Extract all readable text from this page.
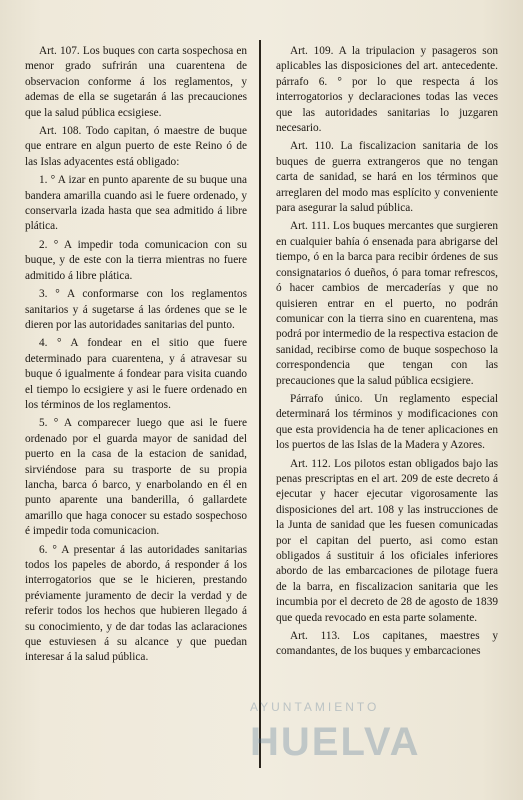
Art. 107. Los buques con carta sospechosa en menor grado sufrirán una cuarentena de observacion conforme á los reglamentos, y ademas de ella se sugetarán á las precauciones que la salud pública ecsigiese.

Art. 108. Todo capitan, ó maestre de buque que entrare en algun puerto de este Reino ó de las Islas adyacentes está obligado:

1. ° A izar en punto aparente de su buque una bandera amarilla cuando asi le fuere ordenado, y conservarla izada hasta que sea admitido á libre plática.

2. ° A impedir toda comunicacion con su buque, y de este con la tierra mientras no fuere admitido á libre plática.

3. ° A conformarse con los reglamentos sanitarios y á sugetarse á las órdenes que se le dieren por las autoridades sanitarias del punto.

4. ° A fondear en el sitio que fuere determinado para cuarentena, y á atravesar su buque ó igualmente á fondear para visita cuando el tiempo lo ecsigiere y asi le fuere ordenado en los términos de los reglamentos.

5. ° A comparecer luego que asi le fuere ordenado por el guarda mayor de sanidad del puerto en la casa de la estacion de sanidad, sirviéndose para su trasporte de su propia lancha, barca ó barco, y enarbolando en él en punto aparente una banderilla, ó gallardete amarillo que haga conocer su estado sospechoso é impedir toda comunicacion.

6. ° A presentar á las autoridades sanitarias todos los papeles de abordo, á responder á los interrogatorios que se le hicieren, prestando préviamente juramento de decir la verdad y de referir todos los hechos que hubieren llegado á su conocimiento, y de dar todas las aclaraciones que estuviesen á su alcance y que puedan interesar á la salud pública.

Art. 109. A la tripulacion y pasageros son aplicables las disposiciones del art. antecedente. párrafo 6. ° por lo que respecta á los interrogatorios y declaraciones todas las veces que las autoridades sanitarias lo juzgaren necesario.

Art. 110. La fiscalizacion sanitaria de los buques de guerra extrangeros que no tengan carta de sanidad, se hará en los términos que arreglaren del modo mas esplícito y conveniente para asegurar la salud pública.

Art. 111. Los buques mercantes que surgieren en cualquier bahía ó ensenada para abrigarse del tiempo, ó en la barca para recibir órdenes de sus consignatarios ó dueños, ó para tomar refrescos, ó hacer cambios de mercaderías y que no quisieren entrar en el puerto, no podrán comunicar con la tierra sino en cuarentena, mas podrá por intermedio de la respectiva estacion de sanidad, recibirse como de buque sospechoso la correspondencia que tengan con las precauciones que la salud pública ecsigiere.

Párrafo único. Un reglamento especial determinará los términos y modificaciones con que esta providencia ha de tener aplicaciones en los puertos de las Islas de la Madera y Azores.

Art. 112. Los pilotos estan obligados bajo las penas prescriptas en el art. 209 de este decreto á ejecutar y hacer ejecutar vigorosamente las disposiciones del art. 108 y las instrucciones de la Junta de sanidad que les fuesen comunicadas por el capitan del puerto, asi como estan obligados á sustituir á los oficiales inferiores abordo de las embarcaciones de pilotage fuera de la barra, en fiscalizacion sanitaria que les incumbia por el decreto de 28 de agosto de 1839 que queda revocado en esta parte solamente.

Art. 113. Los capitanes, maestres y comandantes, de los buques y embarcaciones

AYUNTAMIENTO
HUELVA
